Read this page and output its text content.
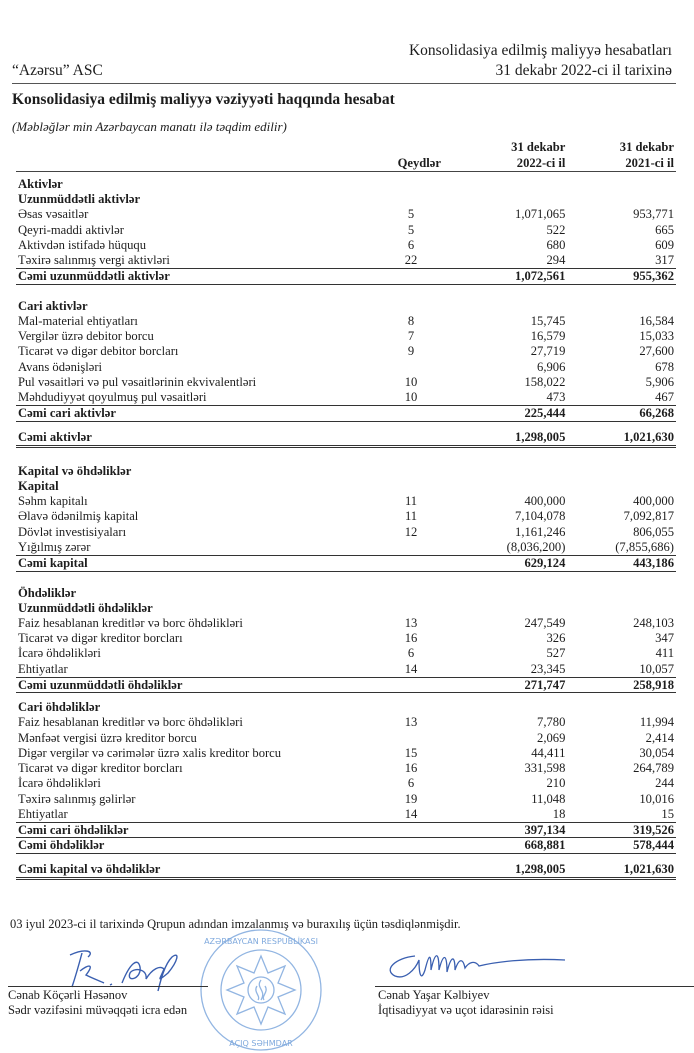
Konsolidasiya edilmiş maliyyə hesabatları
“Azərsu” ASC	31 dekabr 2022-ci il tarixinə
Konsolidasiya edilmiş maliyyə vəziyyəti haqqında hesabat
(Məbləğlər min Azərbaycan manatı ilə təqdim edilir)
			31 dekabr	31 dekabr
	Qeydlər		2022-ci il	2021-ci il

Aktivlər				
Uzunmüddətli aktivlər				
Əsas vəsaitlər	5		1,071,065	953,771
Qeyri-maddi aktivlər	5		522	665
Aktivdən istifadə hüququ	6		680	609
Təxirə salınmış vergi aktivləri	22		294	317
Cəmi uzunmüddətli aktivlər			1,072,561	955,362

Cari aktivlər				
Mal-material ehtiyatları	8		15,745	16,584
Vergilər üzrə debitor borcu	7		16,579	15,033
Ticarət və digər debitor borcları	9		27,719	27,600
Avans ödənişləri			6,906	678
Pul vəsaitləri və pul vəsaitlərinin ekvivalentləri	10		158,022	5,906
Məhdudiyyət qoyulmuş pul vəsaitləri	10		473	467
Cəmi cari aktivlər			225,444	66,268

Cəmi aktivlər			1,298,005	1,021,630

Kapital və öhdəliklər				
Kapital				
Səhm kapitalı	11		400,000	400,000
Əlavə ödənilmiş kapital	11		7,104,078	7,092,817
Dövlət investisiyaları	12		1,161,246	806,055
Yığılmış zərər			(8,036,200)	(7,855,686)
Cəmi kapital			629,124	443,186

Öhdəliklər				
Uzunmüddətli öhdəliklər				
Faiz hesablanan kreditlər və borc öhdəlikləri	13		247,549	248,103
Ticarət və digər kreditor borcları	16		326	347
İcarə öhdəlikləri	6		527	411
Ehtiyatlar	14		23,345	10,057
Cəmi uzunmüddətli öhdəliklər			271,747	258,918

Cari öhdəliklər				
Faiz hesablanan kreditlər və borc öhdəlikləri	13		7,780	11,994
Mənfəət vergisi üzrə kreditor borcu			2,069	2,414
Digər vergilər və cərimələr üzrə xalis kreditor borcu	15		44,411	30,054
Ticarət və digər kreditor borcları	16		331,598	264,789
İcarə öhdəlikləri	6		210	244
Təxirə salınmış gəlirlər	19		11,048	10,016
Ehtiyatlar	14		18	15
Cəmi cari öhdəliklər			397,134	319,526
Cəmi öhdəliklər			668,881	578,444

Cəmi kapital və öhdəliklər			1,298,005	1,021,630
03 iyul 2023-ci il tarixində Qrupun adından imzalanmış və buraxılış üçün təsdiqlənmişdir.
AZƏRBAYCAN RESPUBLİKASI
AÇIQ SƏHMDAR
Cənab Köçərli Həsənov
Sədr vəzifəsini müvəqqəti icra edən
Cənab Yaşar Kəlbiyev
İqtisadiyyat və uçot idarəsinin rəisi
